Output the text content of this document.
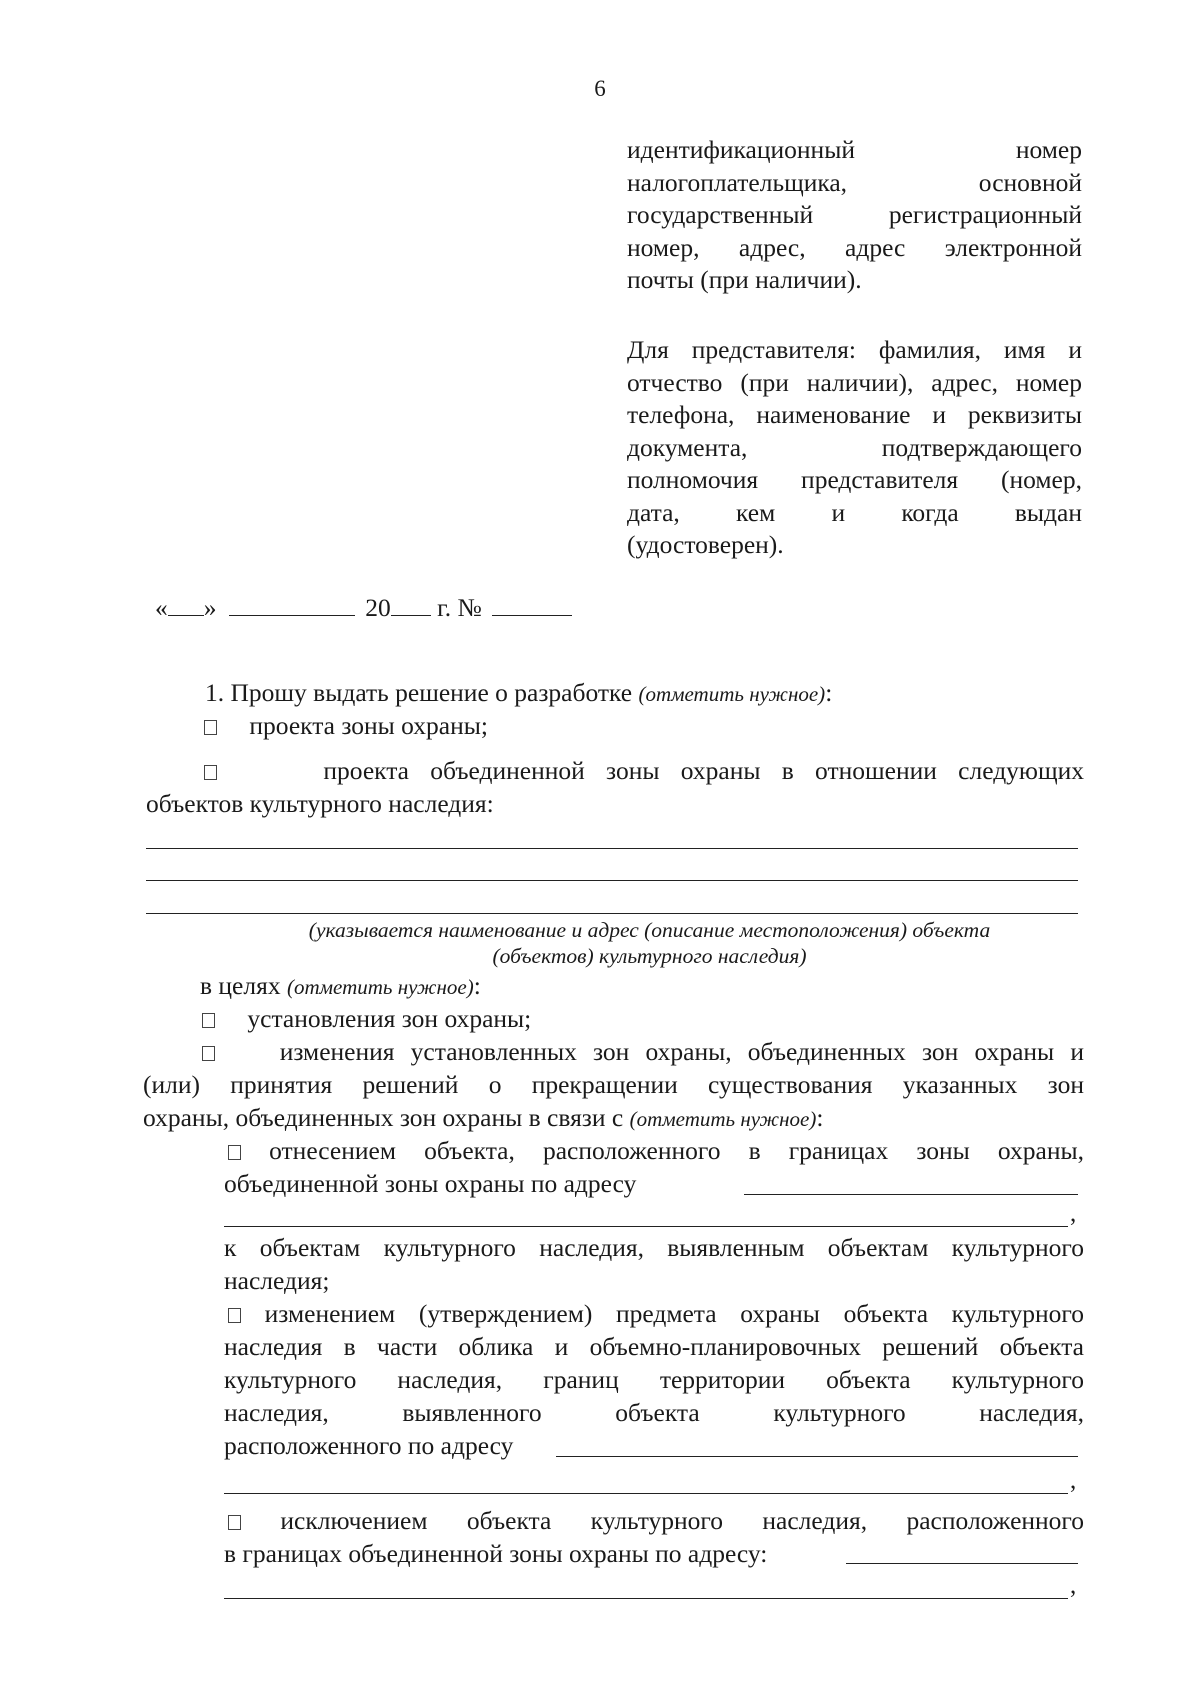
6
идентификационный номер
налогоплательщика, основной
государственный регистрационный
номер, адрес, адрес электронной
почты (при наличии).
Для представителя: фамилия, имя и
отчество (при наличии), адрес, номер
телефона, наименование и реквизиты
документа, подтверждающего
полномочия представителя (номер,
дата, кем и когда выдан
(удостоверен).
« »	20 г. №
1. Прошу выдать решение о разработке (отметить нужное):
проекта зоны охраны;
проекта объединенной зоны охраны в отношении следующих
объектов культурного наследия:
(указывается наименование и адрес (описание местоположения) объекта
(объектов) культурного наследия)
в целях (отметить нужное):
установления зон охраны;
изменения установленных зон охраны, объединенных зон охраны и
(или) принятия решений о прекращении существования указанных зон
охраны, объединенных зон охраны в связи с (отметить нужное):
отнесением объекта, расположенного в границах зоны охраны,
объединенной зоны охраны по адресу
,
к объектам культурного наследия, выявленным объектам культурного
наследия;
изменением (утверждением) предмета охраны объекта культурного
наследия в части облика и объемно-планировочных решений объекта
культурного наследия, границ территории объекта культурного
наследия, выявленного объекта культурного наследия,
расположенного по адресу
,
исключением объекта культурного наследия, расположенного
в границах объединенной зоны охраны по адресу:
,
